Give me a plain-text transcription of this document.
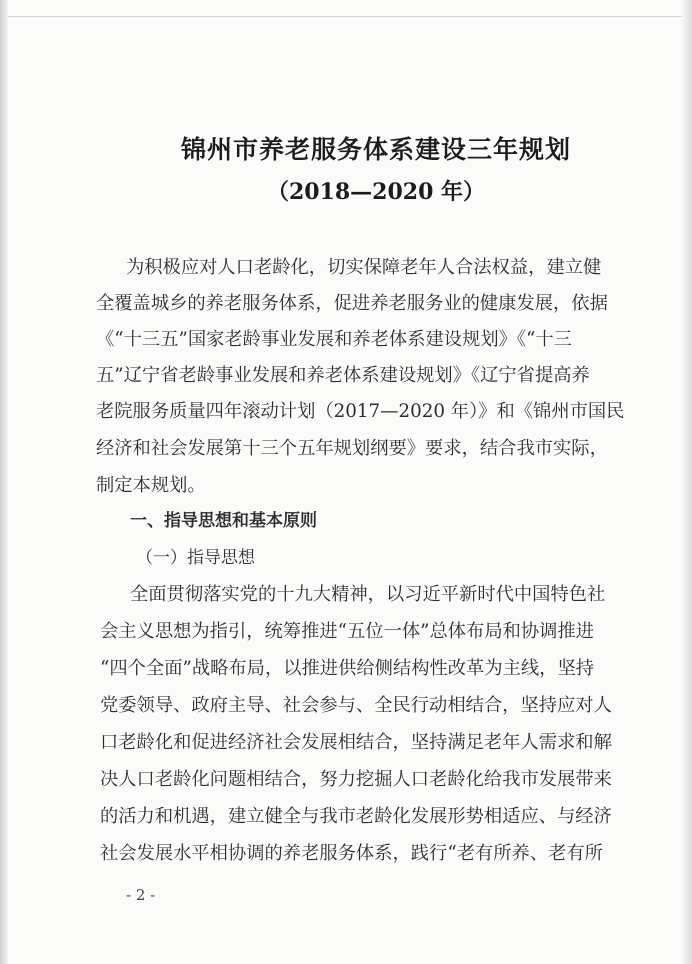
锦州市养老服务体系建设三年规划
（2018—2020 年）
为积极应对人口老龄化，切实保障老年人合法权益，建立健
全覆盖城乡的养老服务体系，促进养老服务业的健康发展，依据
《“十三五”国家老龄事业发展和养老体系建设规划》《“十三
五”辽宁省老龄事业发展和养老体系建设规划》《辽宁省提高养
老院服务质量四年滚动计划（2017—2020 年）》和《锦州市国民
经济和社会发展第十三个五年规划纲要》要求，结合我市实际，
制定本规划。
一、指导思想和基本原则
（一）指导思想
全面贯彻落实党的十九大精神，以习近平新时代中国特色社
会主义思想为指引，统筹推进“五位一体”总体布局和协调推进
“四个全面”战略布局，以推进供给侧结构性改革为主线，坚持
党委领导、政府主导、社会参与、全民行动相结合，坚持应对人
口老龄化和促进经济社会发展相结合，坚持满足老年人需求和解
决人口老龄化问题相结合，努力挖掘人口老龄化给我市发展带来
的活力和机遇，建立健全与我市老龄化发展形势相适应、与经济
社会发展水平相协调的养老服务体系，践行“老有所养、老有所
- 2 -
